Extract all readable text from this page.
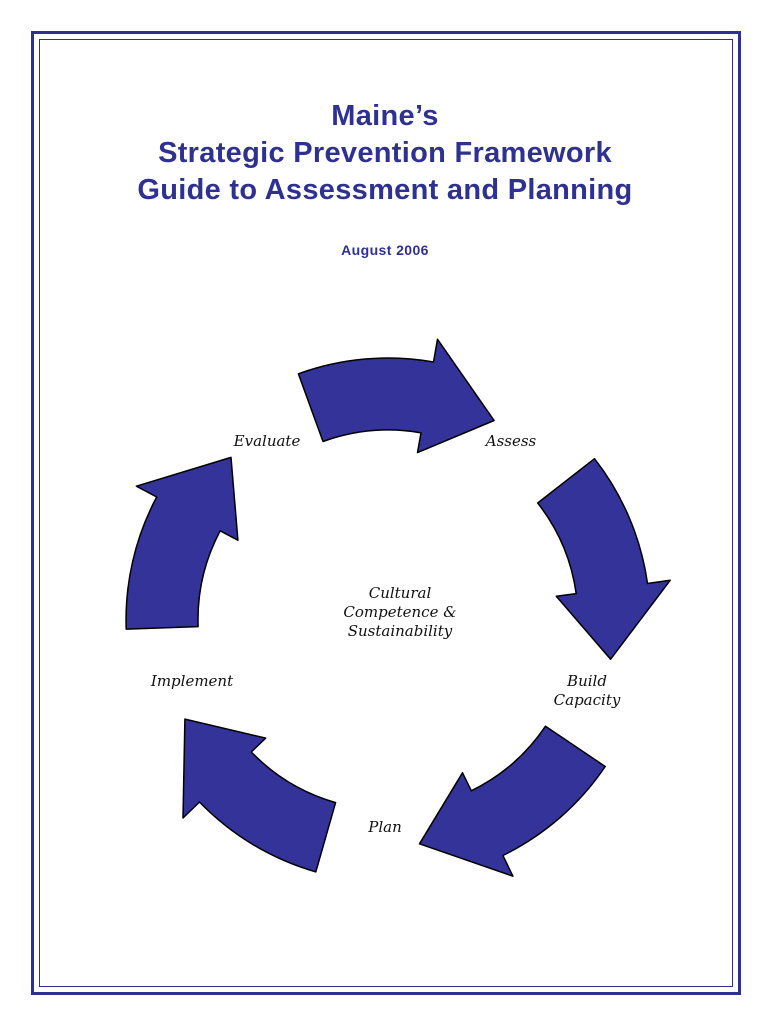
Maine’s
Strategic Prevention Framework
Guide to Assessment and Planning
August 2006
Evaluate	Assess
Build
Capacity
Plan
Implement
Cultural
Competence &
Sustainability
